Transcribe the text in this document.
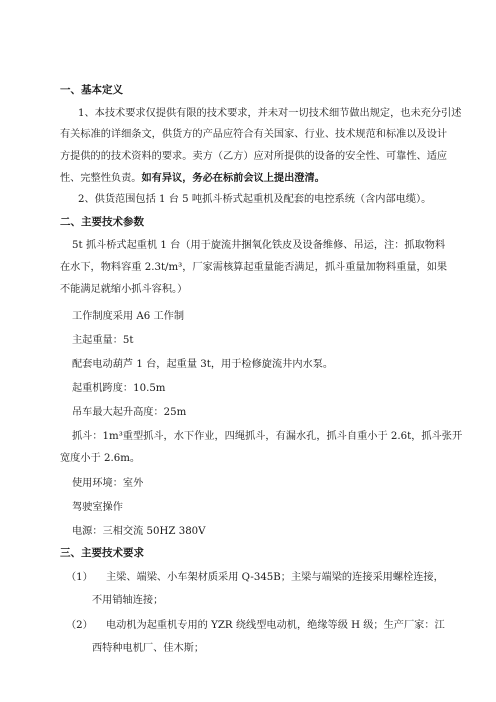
一、基本定义
1、本技术要求仅提供有限的技术要求，并未对一切技术细节做出规定，也未充分引述
有关标准的详细条文，供货方的产品应符合有关国家、行业、技术规范和标准以及设计
方提供的的技术资料的要求。卖方（乙方）应对所提供的设备的安全性、可靠性、适应
性、完整性负责。如有异议，务必在标前会议上提出澄清。
2、供货范围包括 1 台 5 吨抓斗桥式起重机及配套的电控系统（含内部电缆）。
二、主要技术参数
5t 抓斗桥式起重机 1 台（用于旋流井捆氧化铁皮及设备维修、吊运，注：抓取物料
在水下，物料容重 2.3t/m³，厂家需核算起重量能否满足，抓斗重量加物料重量，如果
不能满足就缩小抓斗容积。）
工作制度采用 A6 工作制
主起重量：5t
配套电动葫芦 1 台，起重量 3t，用于检修旋流井内水泵。
起重机跨度：10.5m
吊车最大起升高度：25m
抓斗：1m³重型抓斗，水下作业，四绳抓斗，有漏水孔，抓斗自重小于 2.6t，抓斗张开
宽度小于 2.6m。
使用环境：室外
驾驶室操作
电源：三相交流 50HZ 380V
三、主要技术要求
（1） 主梁、端梁、小车架材质采用 Q-345B；主梁与端梁的连接采用螺栓连接，
不用销轴连接；
（2） 电动机为起重机专用的 YZR 绕线型电动机，绝缘等级 H 级；生产厂家：江
西特种电机厂、佳木斯；
